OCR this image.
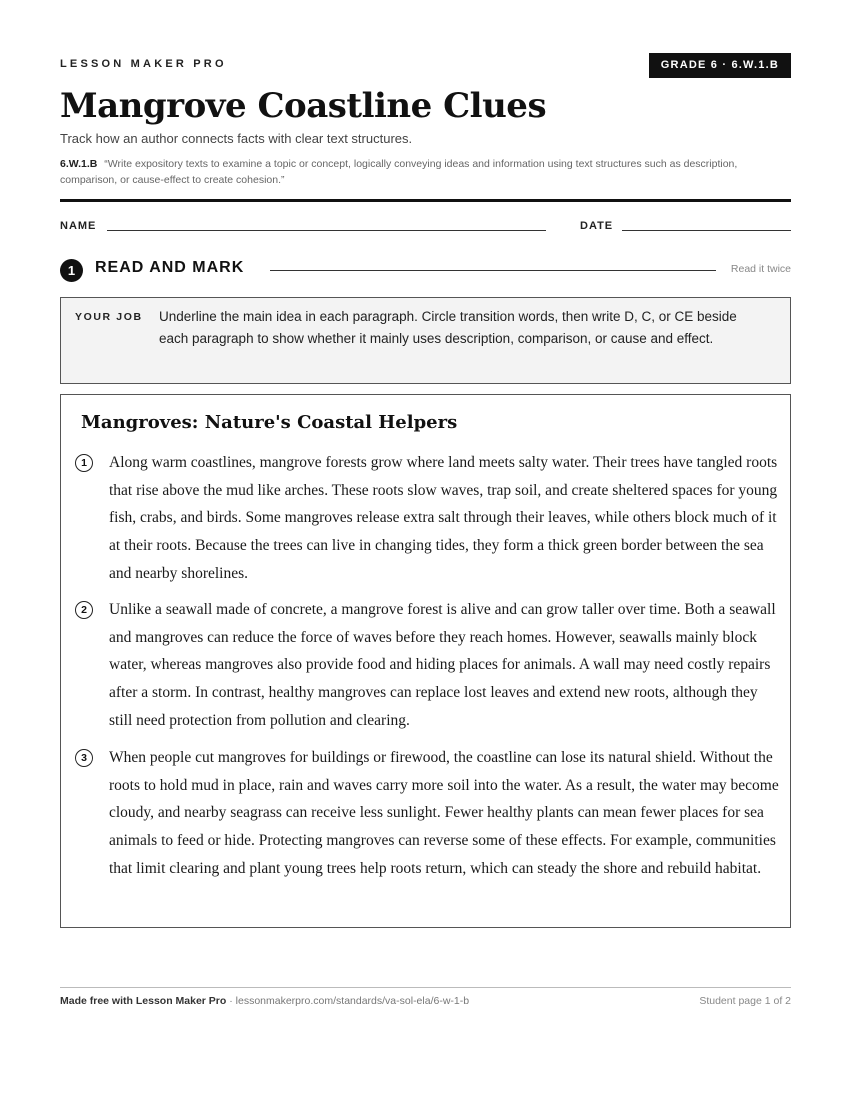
LESSON MAKER PRO	GRADE 6 · 6.W.1.B
Mangrove Coastline Clues
Track how an author connects facts with clear text structures.
6.W.1.B “Write expository texts to examine a topic or concept, logically conveying ideas and information using text structures such as description, comparison, or cause-effect to create cohesion.”
NAME	DATE
1	READ AND MARK	Read it twice
YOUR JOB Underline the main idea in each paragraph. Circle transition words, then write D, C, or CE beside each paragraph to show whether it mainly uses description, comparison, or cause and effect.
Mangroves: Nature's Coastal Helpers
1	Along warm coastlines, mangrove forests grow where land meets salty water. Their trees have tangled roots that rise above the mud like arches. These roots slow waves, trap soil, and create sheltered spaces for young fish, crabs, and birds. Some mangroves release extra salt through their leaves, while others block much of it at their roots. Because the trees can live in changing tides, they form a thick green border between the sea and nearby shorelines.
2	Unlike a seawall made of concrete, a mangrove forest is alive and can grow taller over time. Both a seawall and mangroves can reduce the force of waves before they reach homes. However, seawalls mainly block water, whereas mangroves also provide food and hiding places for animals. A wall may need costly repairs after a storm. In contrast, healthy mangroves can replace lost leaves and extend new roots, although they still need protection from pollution and clearing.
3	When people cut mangroves for buildings or firewood, the coastline can lose its natural shield. Without the roots to hold mud in place, rain and waves carry more soil into the water. As a result, the water may become cloudy, and nearby seagrass can receive less sunlight. Fewer healthy plants can mean fewer places for sea animals to feed or hide. Protecting mangroves can reverse some of these effects. For example, communities that limit clearing and plant young trees help roots return, which can steady the shore and rebuild habitat.
Made free with Lesson Maker Pro · lessonmakerpro.com/standards/va-sol-ela/6-w-1-b	Student page 1 of 2
